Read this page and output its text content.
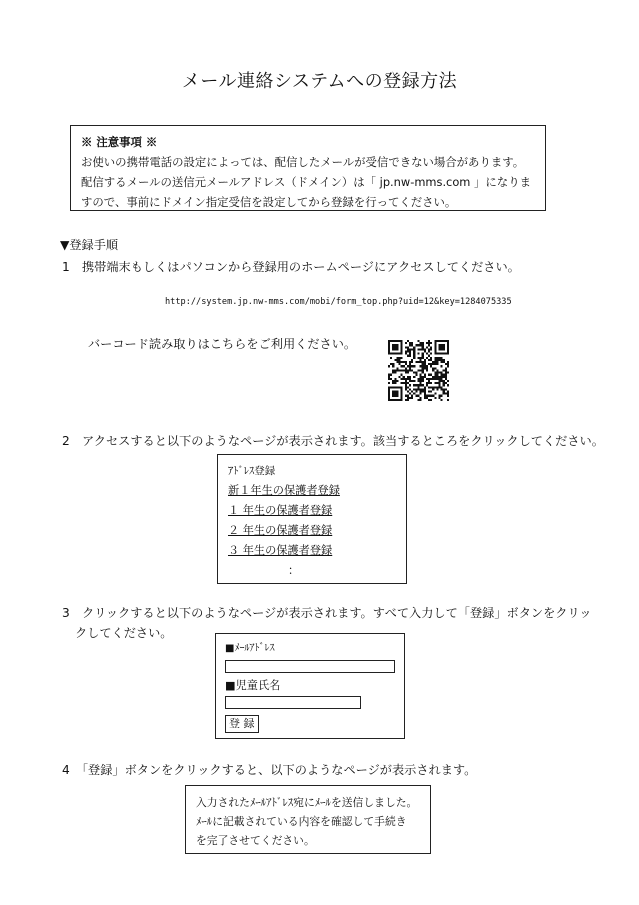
メール連絡システムへの登録方法
※ 注意事項 ※
お使いの携帯電話の設定によっては、配信したメールが受信できない場合があります。
配信するメールの送信元メールアドレス（ドメイン）は「 jp.nw-mms.com 」になりま
すので、事前にドメイン指定受信を設定してから登録を行ってください。
▼登録手順
1　携帯端末もしくはパソコンから登録用のホームページにアクセスしてください。
http://system.jp.nw-mms.com/mobi/form_top.php?uid=12&key=1284075335
バーコード読み取りはこちらをご利用ください。
2　アクセスすると以下のようなページが表示されます。該当するところをクリックしてください。
ｱﾄﾞﾚｽ登録
新１年生の保護者登録
１ 年生の保護者登録
２ 年生の保護者登録
３ 年生の保護者登録
：
3　クリックすると以下のようなページが表示されます。すべて入力して「登録」ボタンをクリッ
クしてください。
■ﾒｰﾙｱﾄﾞﾚｽ
■児童氏名
登 録
4　「登録」ボタンをクリックすると、以下のようなページが表示されます。
入力されたﾒｰﾙｱﾄﾞﾚｽ宛にﾒｰﾙを送信しました。
ﾒｰﾙに記載されている内容を確認して手続き
を完了させてください。
